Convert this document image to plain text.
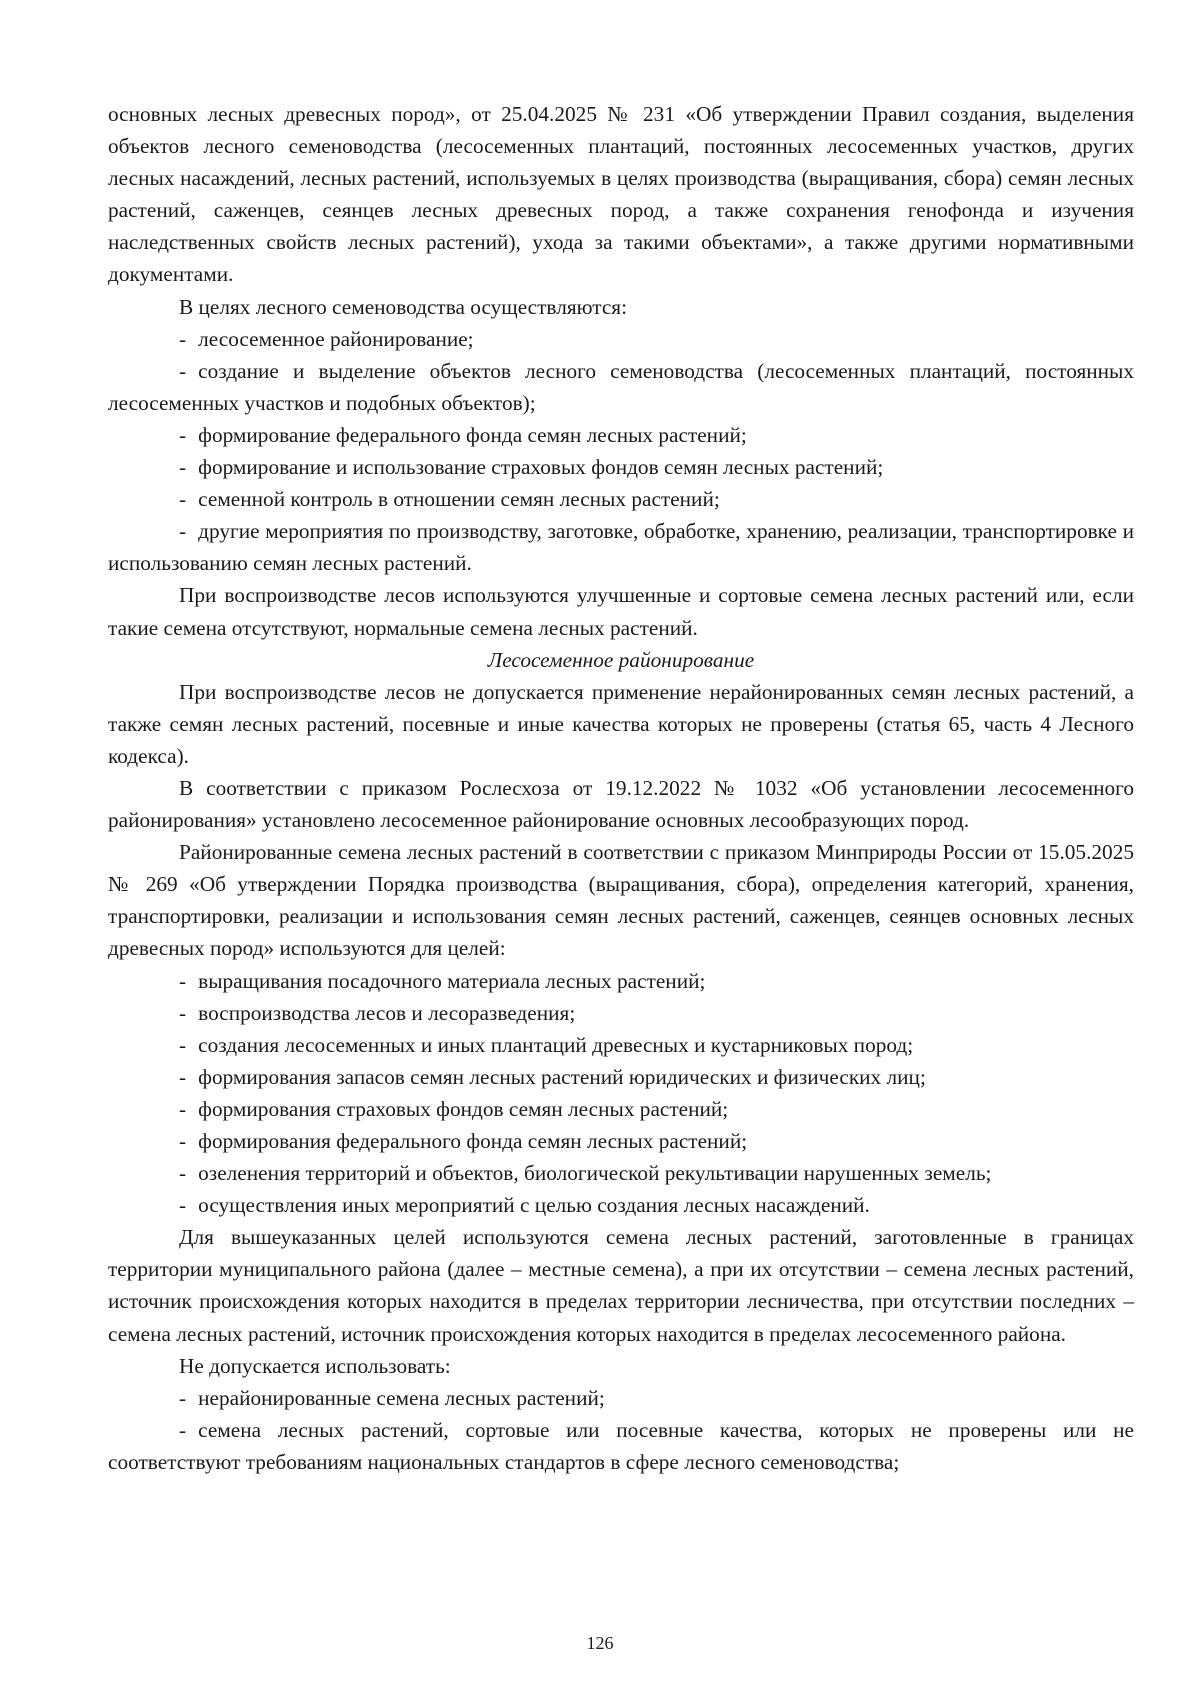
основных лесных древесных пород», от 25.04.2025 № 231 «Об утверждении Правил создания, выделения объектов лесного семеноводства (лесосеменных плантаций, постоянных лесосеменных участков, других лесных насаждений, лесных растений, используемых в целях производства (выращивания, сбора) семян лесных растений, саженцев, сеянцев лесных древесных пород, а также сохранения генофонда и изучения наследственных свойств лесных растений), ухода за такими объектами», а также другими нормативными документами.

В целях лесного семеноводства осуществляются:

- лесосеменное районирование;

- создание и выделение объектов лесного семеноводства (лесосеменных плантаций, постоянных лесосеменных участков и подобных объектов);

- формирование федерального фонда семян лесных растений;

- формирование и использование страховых фондов семян лесных растений;

- семенной контроль в отношении семян лесных растений;

- другие мероприятия по производству, заготовке, обработке, хранению, реализации, транспортировке и использованию семян лесных растений.

При воспроизводстве лесов используются улучшенные и сортовые семена лесных растений или, если такие семена отсутствуют, нормальные семена лесных растений.

Лесосеменное районирование

При воспроизводстве лесов не допускается применение нерайонированных семян лесных растений, а также семян лесных растений, посевные и иные качества которых не проверены (статья 65, часть 4 Лесного кодекса).

В соответствии с приказом Рослесхоза от 19.12.2022 № 1032 «Об установлении лесосеменного районирования» установлено лесосеменное районирование основных лесообразующих пород.

Районированные семена лесных растений в соответствии с приказом Минприроды России от 15.05.2025 № 269 «Об утверждении Порядка производства (выращивания, сбора), определения категорий, хранения, транспортировки, реализации и использования семян лесных растений, саженцев, сеянцев основных лесных древесных пород» используются для целей:

- выращивания посадочного материала лесных растений;

- воспроизводства лесов и лесоразведения;

- создания лесосеменных и иных плантаций древесных и кустарниковых пород;

- формирования запасов семян лесных растений юридических и физических лиц;

- формирования страховых фондов семян лесных растений;

- формирования федерального фонда семян лесных растений;

- озеленения территорий и объектов, биологической рекультивации нарушенных земель;

- осуществления иных мероприятий с целью создания лесных насаждений.

Для вышеуказанных целей используются семена лесных растений, заготовленные в границах территории муниципального района (далее – местные семена), а при их отсутствии – семена лесных растений, источник происхождения которых находится в пределах территории лесничества, при отсутствии последних – семена лесных растений, источник происхождения которых находится в пределах лесосеменного района.

Не допускается использовать:

- нерайонированные семена лесных растений;

- семена лесных растений, сортовые или посевные качества, которых не проверены или не соответствуют требованиям национальных стандартов в сфере лесного семеноводства;

126
